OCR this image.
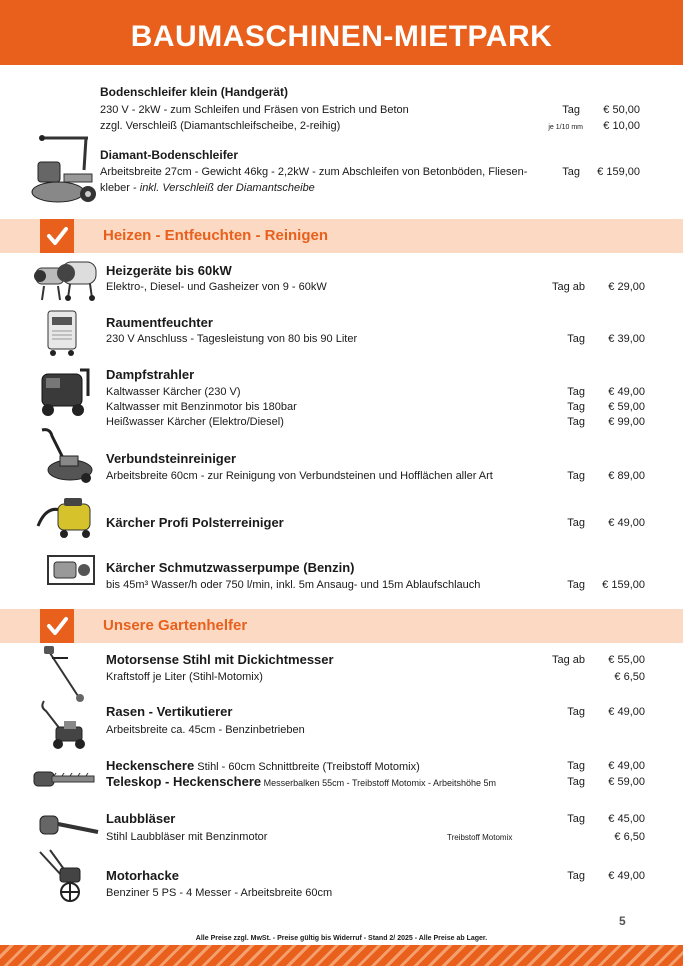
BAUMASCHINEN-MIETPARK
Bodenschleifer klein (Handgerät)
230 V - 2kW - zum Schleifen und Fräsen von Estrich und Beton	Tag	€ 50,00
zzgl. Verschleiß (Diamantschleifscheibe, 2-reihig)	je 1/10 mm	€ 10,00
Diamant-Bodenschleifer
Arbeitsbreite 27cm - Gewicht 46kg - 2,2kW - zum Abschleifen von Betonböden, Fliesen-	Tag	€ 159,00
kleber - inkl. Verschleiß der Diamantscheibe
Heizen - Entfeuchten - Reinigen
Heizgeräte bis 60kW
Elektro-, Diesel- und Gasheizer von 9 - 60kW	Tag ab	€ 29,00
Raumentfeuchter
230 V Anschluss - Tagesleistung von 80 bis 90 Liter	Tag	€ 39,00
Dampfstrahler
Kaltwasser Kärcher (230 V)	Tag	€ 49,00
Kaltwasser mit Benzinmotor bis 180bar	Tag	€ 59,00
Heißwasser Kärcher (Elektro/Diesel)	Tag	€ 99,00
Verbundsteinreiniger
Arbeitsbreite 60cm - zur Reinigung von Verbundsteinen und Hofflächen aller Art	Tag	€ 89,00
Kärcher Profi Polsterreiniger	Tag	€ 49,00
Kärcher Schmutzwasserpumpe (Benzin)
bis 45m³ Wasser/h oder 750 l/min, inkl. 5m Ansaug- und 15m Ablaufschlauch	Tag	€ 159,00
Unsere Gartenhelfer
Motorsense Stihl mit Dickichtmesser	Tag ab	€ 55,00
Kraftstoff je Liter (Stihl-Motomix)	€ 6,50
Rasen - Vertikutierer	Tag	€ 49,00
Arbeitsbreite ca. 45cm - Benzinbetrieben
Heckenschere Stihl - 60cm Schnittbreite (Treibstoff Motomix)	Tag	€ 49,00
Teleskop - Heckenschere Messerbalken 55cm - Treibstoff Motomix - Arbeitshöhe 5m	Tag	€ 59,00
Laubbläser	Tag	€ 45,00
Stihl Laubbläser mit Benzinmotor	Treibstoff Motomix	€ 6,50
Motorhacke	Tag	€ 49,00
Benziner 5 PS - 4 Messer - Arbeitsbreite 60cm
5
Alle Preise zzgl. MwSt. - Preise gültig bis Widerruf - Stand 2/ 2025 - Alle Preise ab Lager.
